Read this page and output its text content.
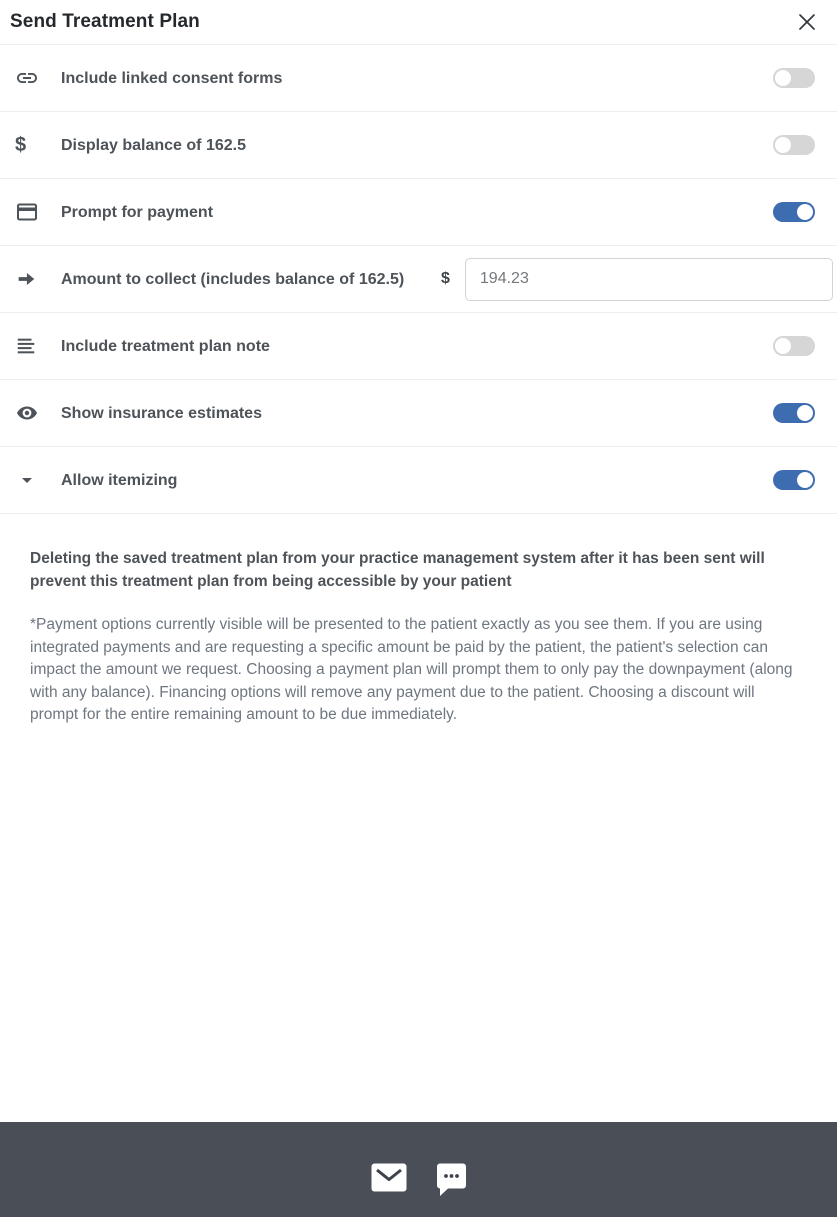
Send Treatment Plan
Include linked consent forms
$	Display balance of 162.5
Prompt for payment
Amount to collect (includes balance of 162.5)	$
194.23
Include treatment plan note
Show insurance estimates
Allow itemizing

Deleting the saved treatment plan from your practice management system after it has been sent will prevent this treatment plan from being accessible by your patient

*Payment options currently visible will be presented to the patient exactly as you see them. If you are using integrated payments and are requesting a specific amount be paid by the patient, the patient's selection can impact the amount we request. Choosing a payment plan will prompt them to only pay the downpayment (along with any balance). Financing options will remove any payment due to the patient. Choosing a discount will prompt for the entire remaining amount to be due immediately.
